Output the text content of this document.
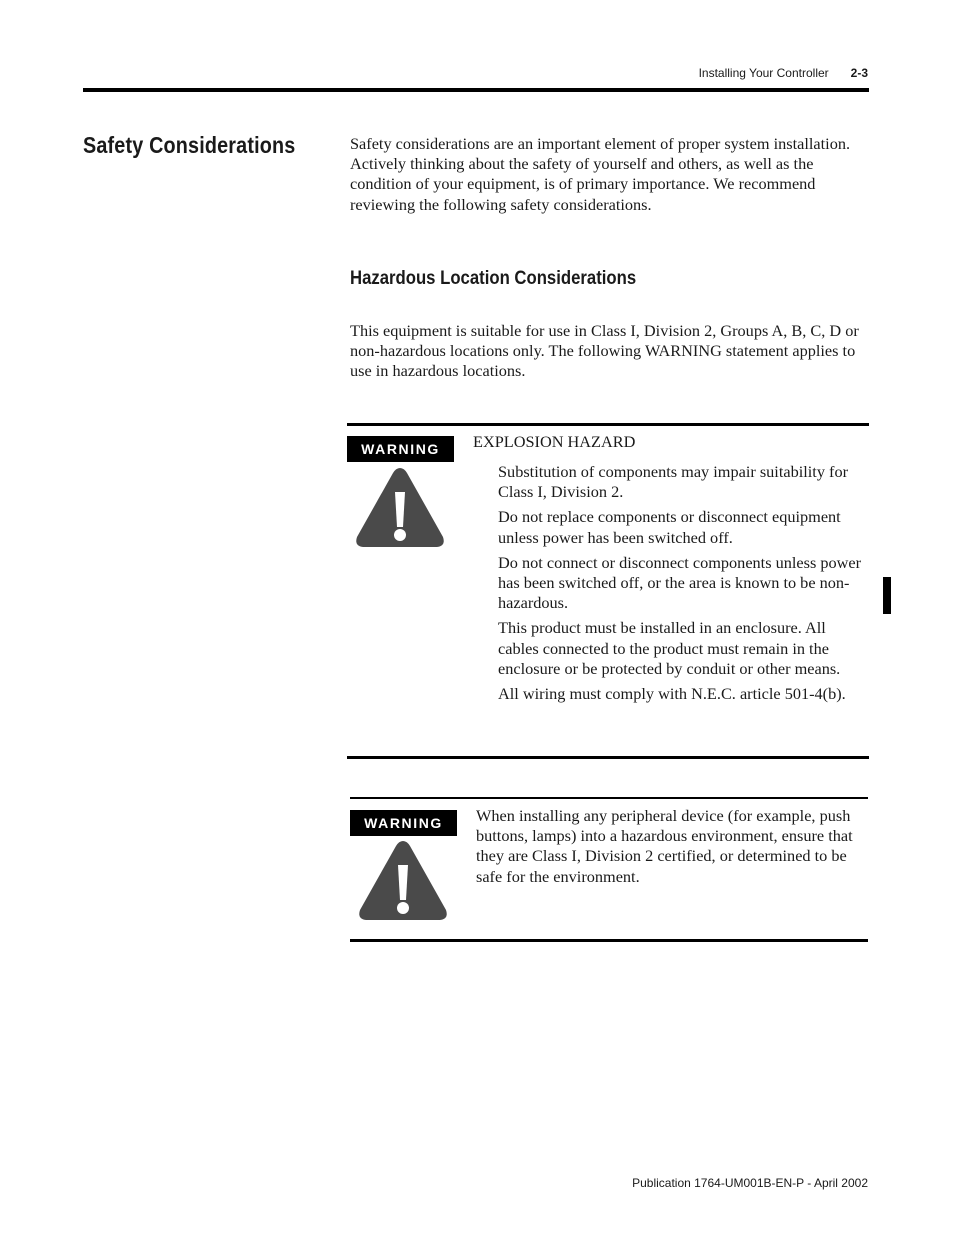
Installing Your Controller 2-3
Safety Considerations	Safety considerations are an important element of proper system installation. Actively thinking about the safety of yourself and others, as well as the condition of your equipment, is of primary importance. We recommend reviewing the following safety considerations.
Hazardous Location Considerations
This equipment is suitable for use in Class I, Division 2, Groups A, B, C, D or non-hazardous locations only. The following WARNING statement applies to use in hazardous locations.
WARNING	EXPLOSION HAZARD

Substitution of components may impair suitability for Class I, Division 2.

Do not replace components or disconnect equipment unless power has been switched off.

Do not connect or disconnect components unless power has been switched off, or the area is known to be non-hazardous.

This product must be installed in an enclosure. All cables connected to the product must remain in the enclosure or be protected by conduit or other means.

All wiring must comply with N.E.C. article 501-4(b).

WARNING	When installing any peripheral device (for example, push buttons, lamps) into a hazardous environment, ensure that they are Class I, Division 2 certified, or determined to be safe for the environment.
Publication 1764-UM001B-EN-P - April 2002
